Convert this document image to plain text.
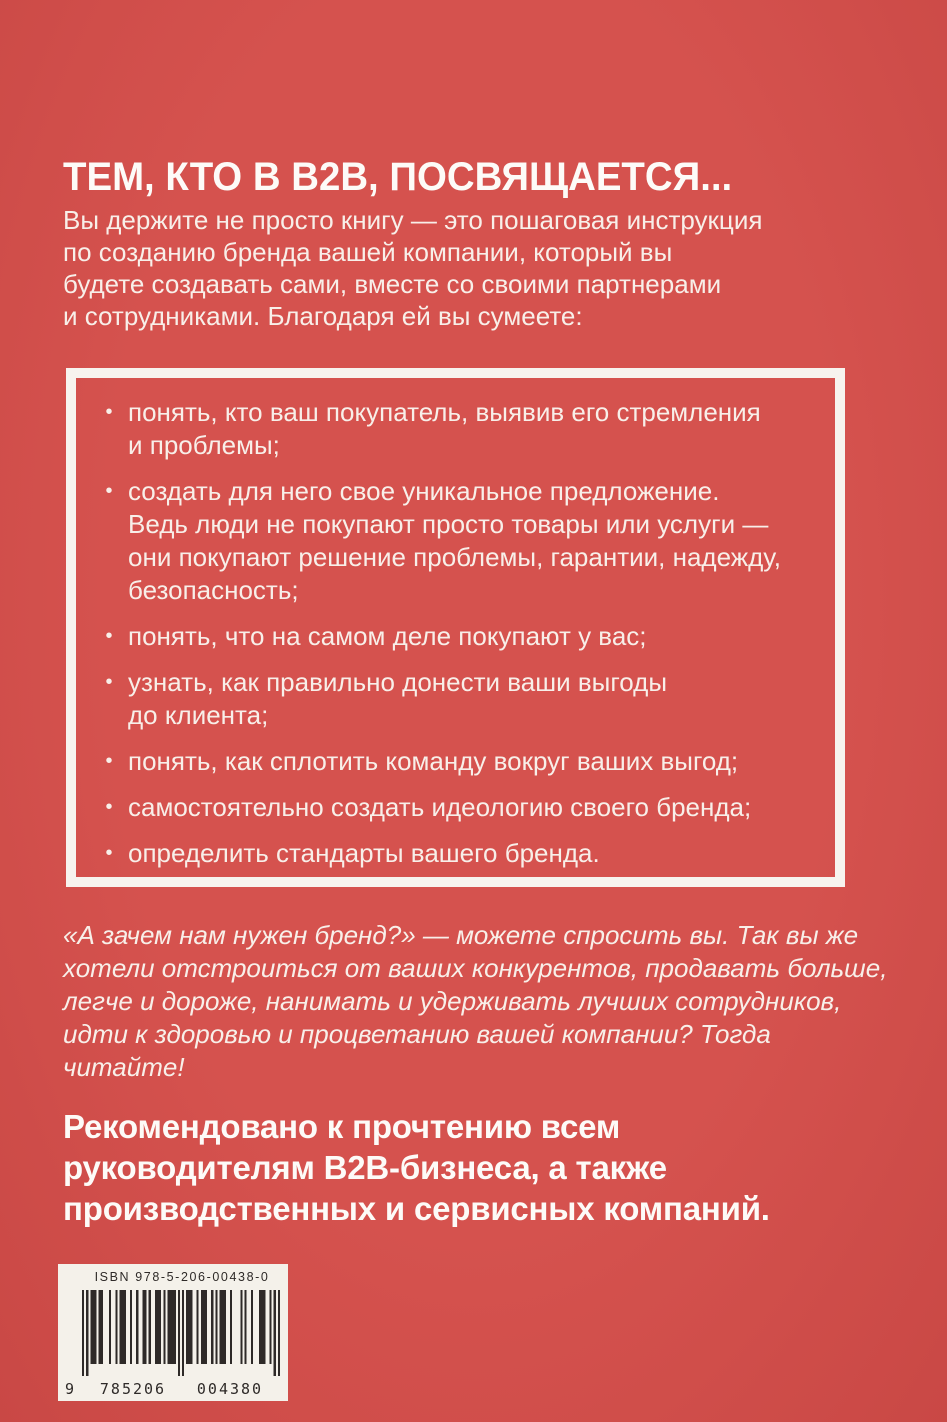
ТЕМ, КТО В В2В, ПОСВЯЩАЕТСЯ...
Вы держите не просто книгу — это пошаговая инструкция
по созданию бренда вашей компании, который вы
будете создавать сами, вместе со своими партнерами
и сотрудниками. Благодаря ей вы сумеете:
• понять, кто ваш покупатель, выявив его стремления
и проблемы;
• создать для него свое уникальное предложение.
Ведь люди не покупают просто товары или услуги —
они покупают решение проблемы, гарантии, надежду,
безопасность;
• понять, что на самом деле покупают у вас;
• узнать, как правильно донести ваши выгоды
до клиента;
• понять, как сплотить команду вокруг ваших выгод;
• самостоятельно создать идеологию своего бренда;
• определить стандарты вашего бренда.
«А зачем нам нужен бренд?» — можете спросить вы. Так вы же
хотели отстроиться от ваших конкурентов, продавать больше,
легче и дороже, нанимать и удерживать лучших сотрудников,
идти к здоровью и процветанию вашей компании? Тогда
читайте!
Рекомендовано к прочтению всем
руководителям В2В-бизнеса, а также
производственных и сервисных компаний.
ISBN 978-5-206-00438-0
9	785206	004380
